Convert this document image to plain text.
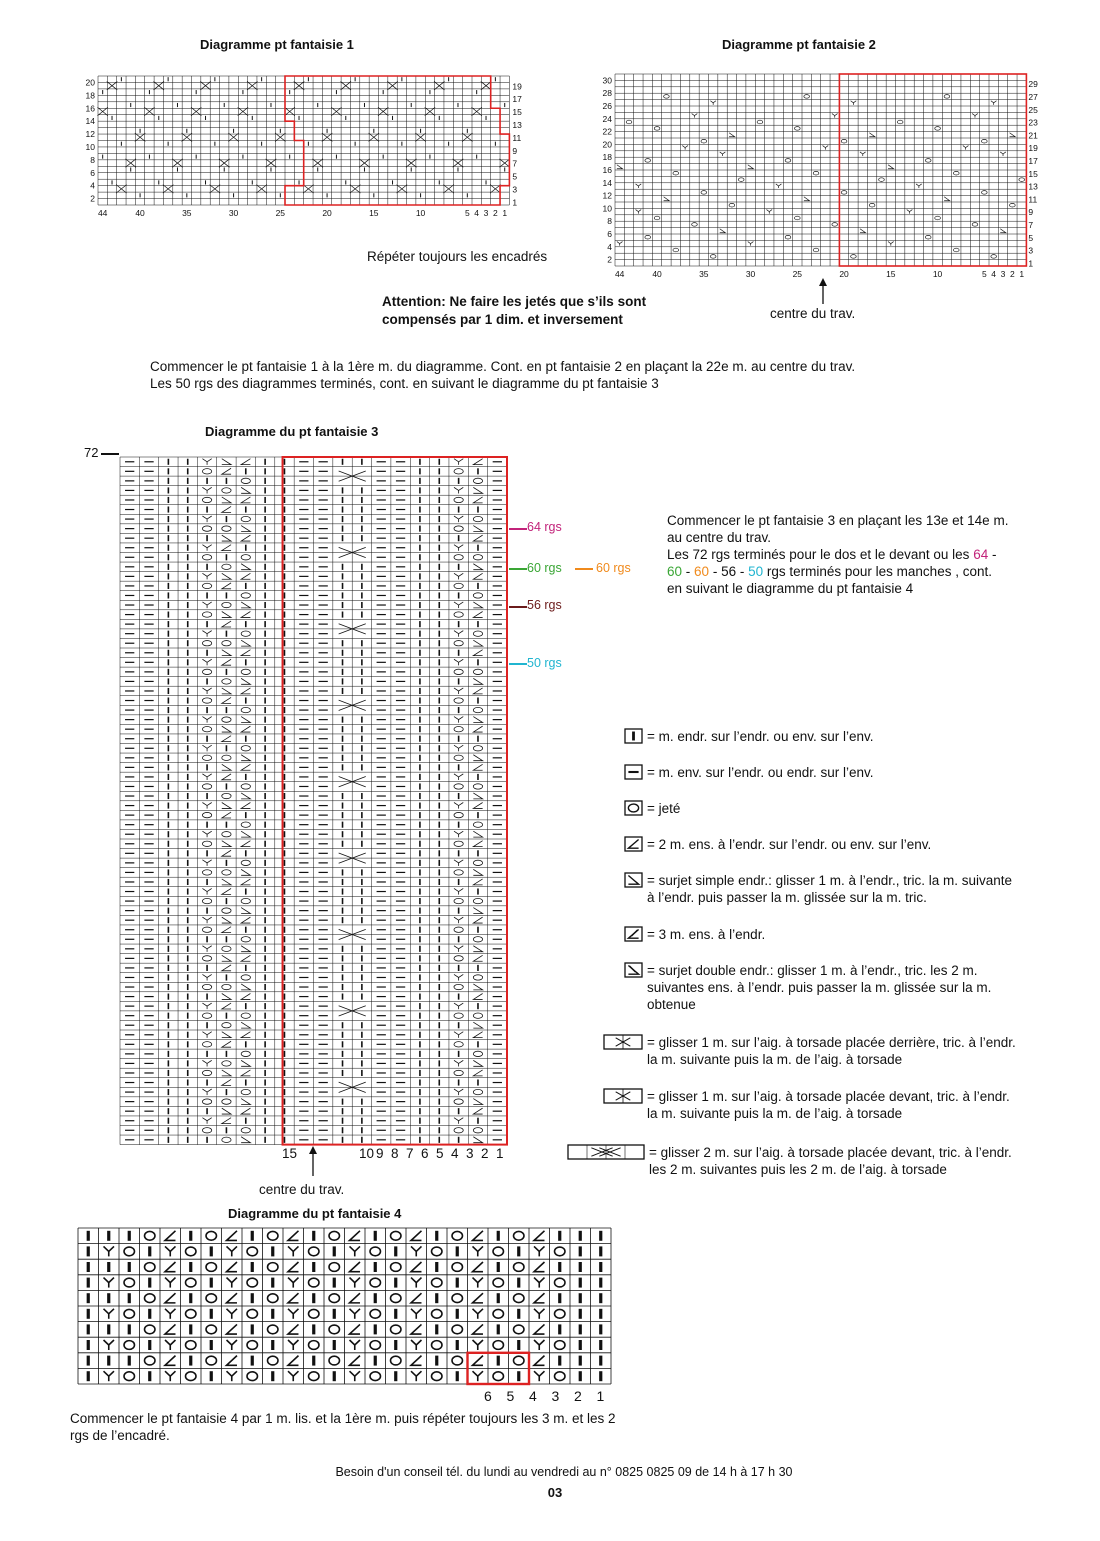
Diagramme pt fantaisie 1
20
18
16
14
12
10
8
6
4
2
19
17
15
13
11
9
7
5
3
1
44	40	35	30	25	20	15	10	5 4 3 2 1
Diagramme pt fantaisie 2
30
28
26
24
22
20
18
16
14
12
10
8
6
4
2
29
27
25
23
21
19
17
15
13
11
9
7
5
3
1
44	40	35	30	25	20	15	10	5 4 3 2 1
Répéter toujours les encadrés
Attention: Ne faire les jetés que s’ils sont
compensés par 1 dim. et inversement	centre du trav.
Commencer le pt fantaisie 1 à la 1ère m. du diagramme. Cont. en pt fantaisie 2 en plaçant la 22e m. au centre du trav.
Les 50 rgs des diagrammes terminés, cont. en suivant le diagramme du pt fantaisie 3
Diagramme du pt fantaisie 3
72
64 rgs
60 rgs	60 rgs
56 rgs
50 rgs
15	10 9 8 7 6 5 4 3 2 1
centre du trav.
Commencer le pt fantaisie 3 en plaçant les 13e et 14e m.
au centre du trav.
Les 72 rgs terminés pour le dos et le devant ou les 64 -
60 - 60 - 56 - 50 rgs terminés pour les manches , cont.
en suivant le diagramme du pt fantaisie 4
= m. endr. sur l’endr. ou env. sur l’env.
= m. env. sur l’endr. ou endr. sur l’env.
= jeté
= 2 m. ens. à l’endr. sur l’endr. ou env. sur l’env.
= surjet simple endr.: glisser 1 m. à l’endr., tric. la m. suivante
à l’endr. puis passer la m. glissée sur la m. tric.
= 3 m. ens. à l’endr.
= surjet double endr.: glisser 1 m. à l’endr., tric. les 2 m.
suivantes ens. à l’endr. puis passer la m. glissée sur la m.
obtenue
= glisser 1 m. sur l’aig. à torsade placée derrière, tric. à l’endr.
la m. suivante puis la m. de l’aig. à torsade
= glisser 1 m. sur l’aig. à torsade placée devant, tric. à l’endr.
la m. suivante puis la m. de l’aig. à torsade
= glisser 2 m. sur l’aig. à torsade placée devant, tric. à l’endr.
les 2 m. suivantes puis les 2 m. de l’aig. à torsade
Diagramme du pt fantaisie 4
6 5 4 3 2 1
Commencer le pt fantaisie 4 par 1 m. lis. et la 1ère m. puis répéter toujours les 3 m. et les 2
rgs de l’encadré.
Besoin d'un conseil tél. du lundi au vendredi au n° 0825 0825 09 de 14 h à 17 h 30
03
